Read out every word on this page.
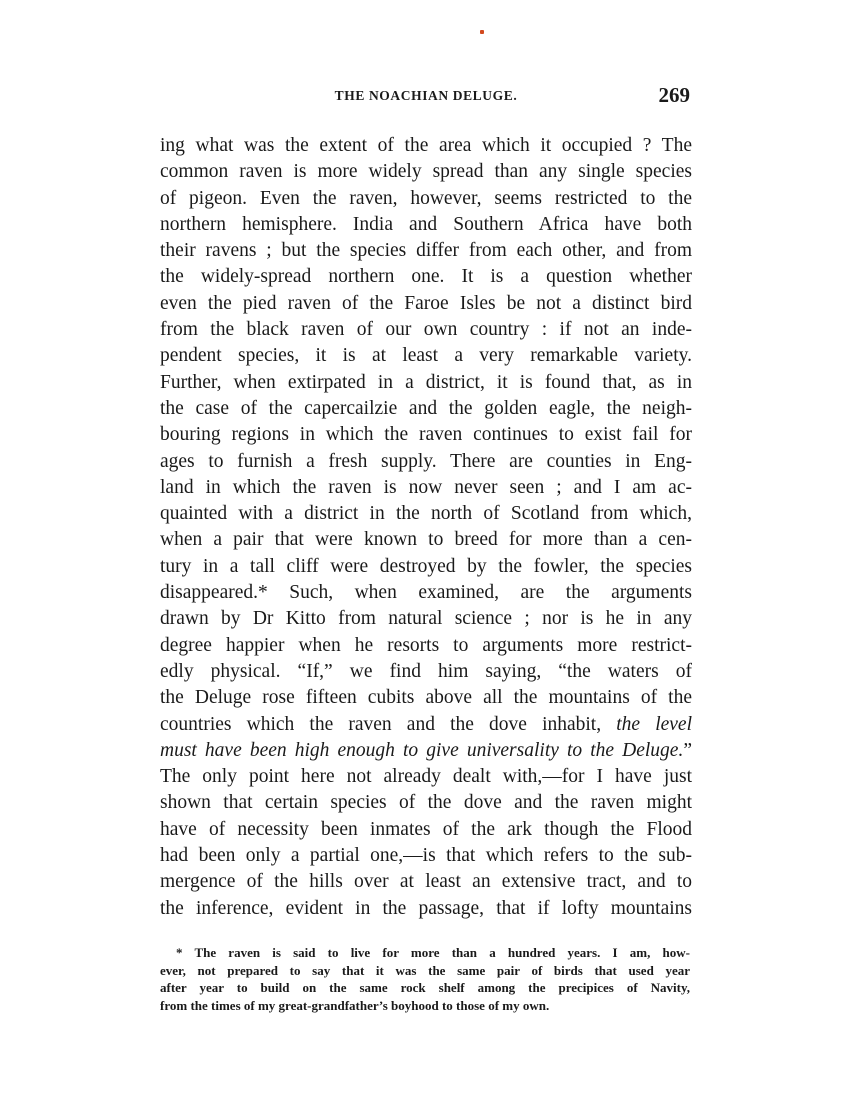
THE NOACHIAN DELUGE.	269
ing what was the extent of the area which it occupied ? The
common raven is more widely spread than any single species
of pigeon. Even the raven, however, seems restricted to the
northern hemisphere. India and Southern Africa have both
their ravens ; but the species differ from each other, and from
the widely-spread northern one. It is a question whether
even the pied raven of the Faroe Isles be not a distinct bird
from the black raven of our own country : if not an inde-
pendent species, it is at least a very remarkable variety.
Further, when extirpated in a district, it is found that, as in
the case of the capercailzie and the golden eagle, the neigh-
bouring regions in which the raven continues to exist fail for
ages to furnish a fresh supply. There are counties in Eng-
land in which the raven is now never seen ; and I am ac-
quainted with a district in the north of Scotland from which,
when a pair that were known to breed for more than a cen-
tury in a tall cliff were destroyed by the fowler, the species
disappeared.* Such, when examined, are the arguments
drawn by Dr Kitto from natural science ; nor is he in any
degree happier when he resorts to arguments more restrict-
edly physical. “If,” we find him saying, “the waters of
the Deluge rose fifteen cubits above all the mountains of the
countries which the raven and the dove inhabit, the level
must have been high enough to give universality to the Deluge.”
The only point here not already dealt with,—for I have just
shown that certain species of the dove and the raven might
have of necessity been inmates of the ark though the Flood
had been only a partial one,—is that which refers to the sub-
mergence of the hills over at least an extensive tract, and to
the inference, evident in the passage, that if lofty mountains
* The raven is said to live for more than a hundred years. I am, how-
ever, not prepared to say that it was the same pair of birds that used year
after year to build on the same rock shelf among the precipices of Navity,
from the times of my great-grandfather’s boyhood to those of my own.
